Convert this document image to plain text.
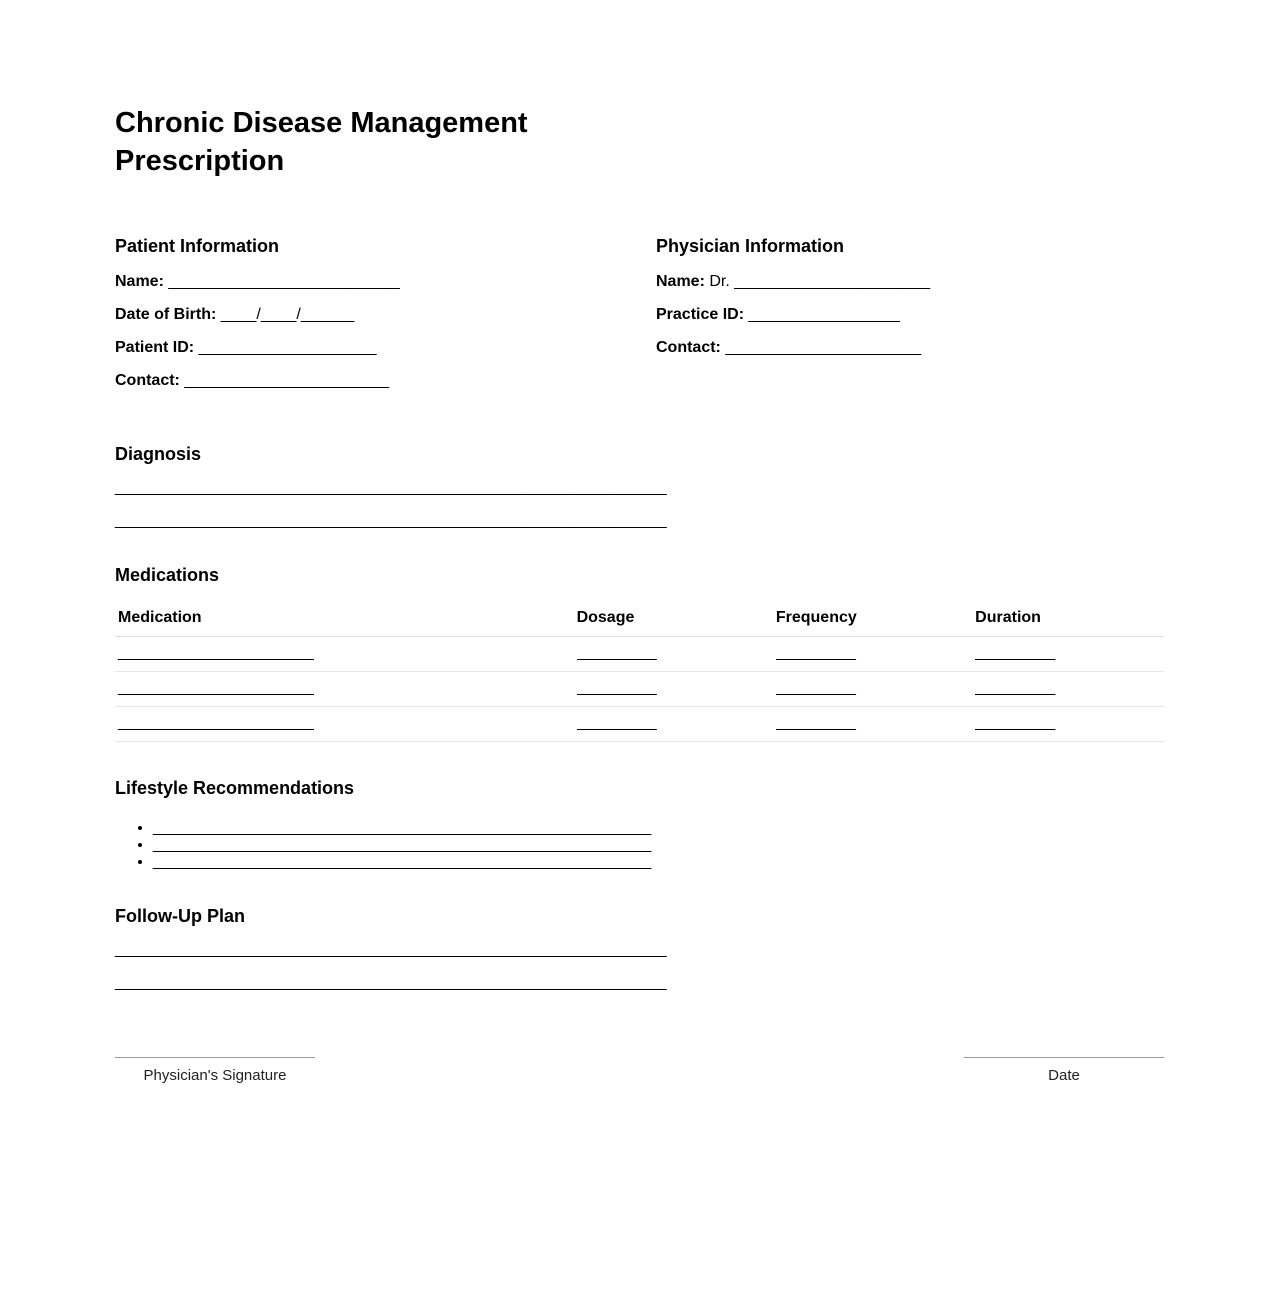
Chronic Disease Management Prescription
Patient Information

Name: __________________________

Date of Birth: ____/____/______

Patient ID: ____________________

Contact: _______________________

Physician Information

Name: Dr. ______________________

Practice ID: _________________

Contact: ______________________

Diagnosis
______________________________________________________________
______________________________________________________________
Medications
Medication	Dosage	Frequency	Duration
______________________	_________	_________	_________
______________________	_________	_________	_________
______________________	_________	_________	_________
Lifestyle Recommendations
• ________________________________________________________
• ________________________________________________________
• ________________________________________________________
Follow-Up Plan
______________________________________________________________
______________________________________________________________
Physician's Signature	Date
